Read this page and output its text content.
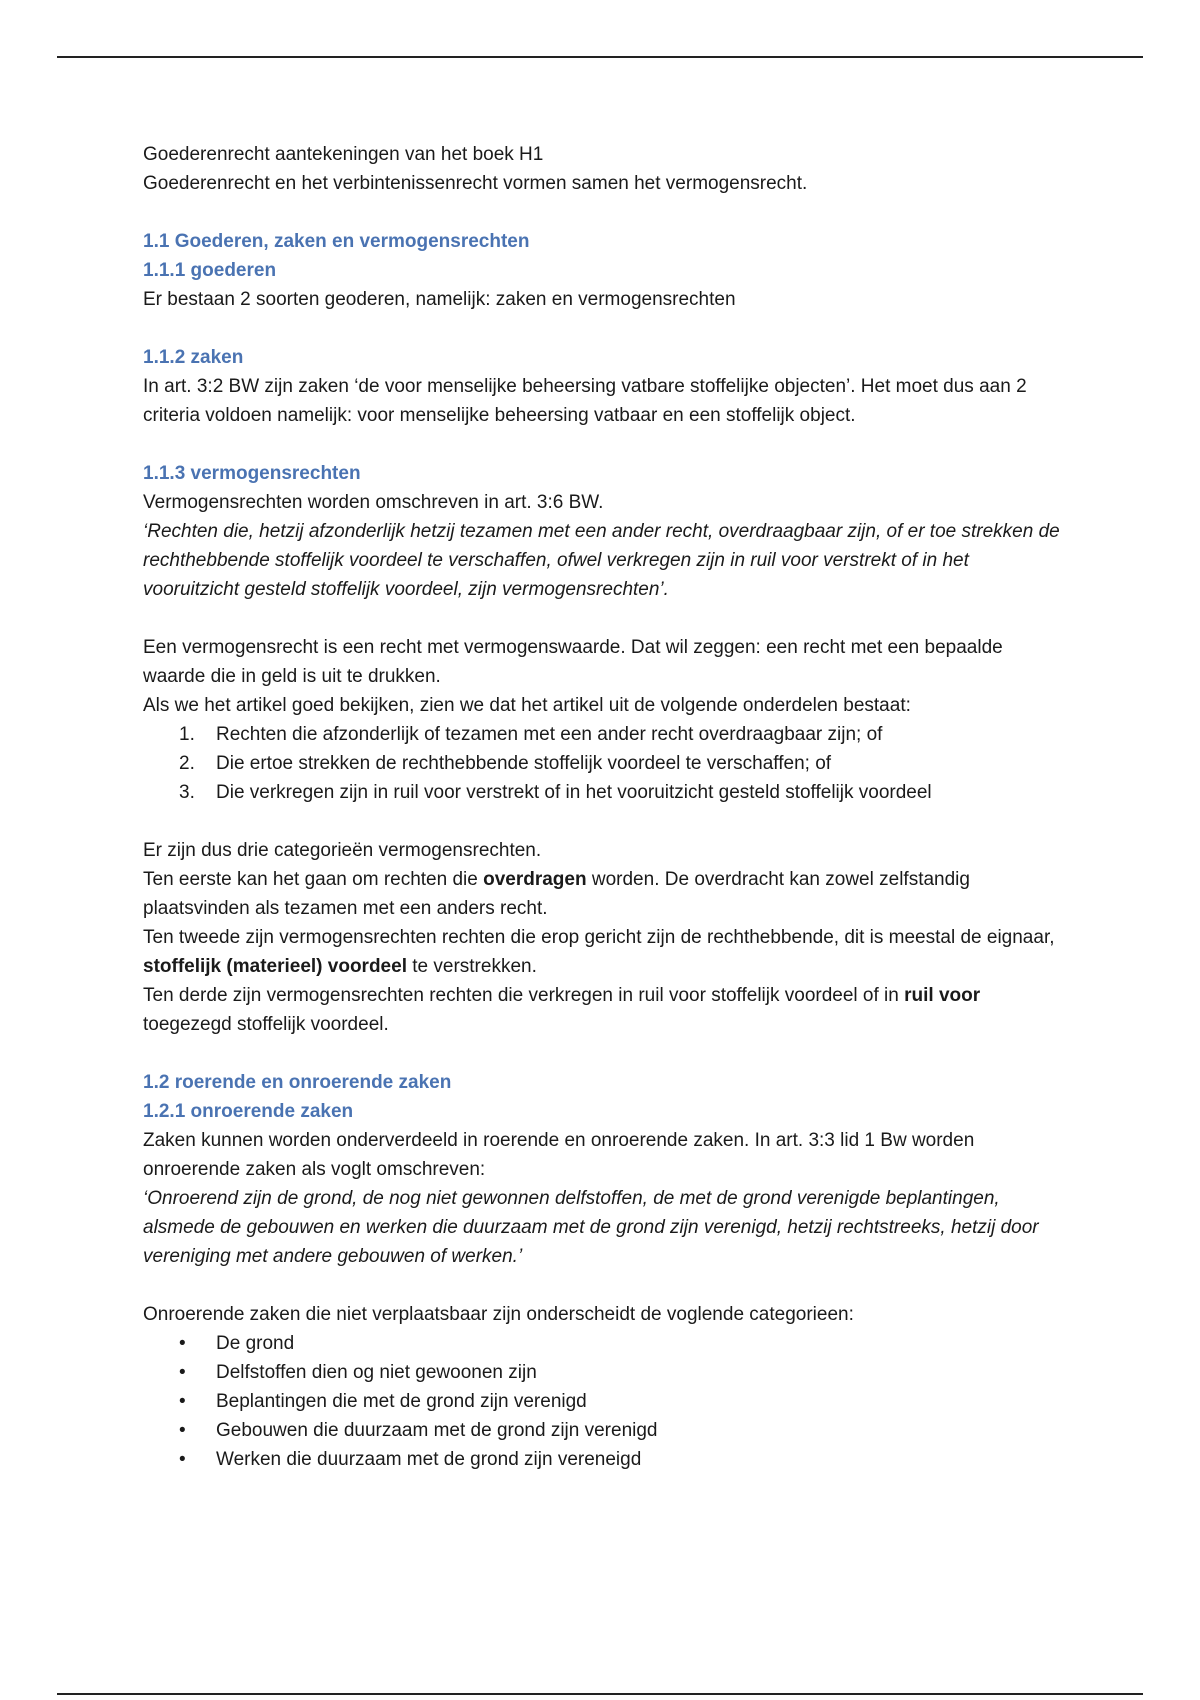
Goederenrecht aantekeningen van het boek H1

Goederenrecht en het verbintenissenrecht vormen samen het vermogensrecht.

1.1 Goederen, zaken en vermogensrechten

1.1.1 goederen

Er bestaan 2 soorten geoderen, namelijk: zaken en vermogensrechten

1.1.2 zaken

In art. 3:2 BW zijn zaken ‘de voor menselijke beheersing vatbare stoffelijke objecten’. Het moet dus aan 2 criteria voldoen namelijk: voor menselijke beheersing vatbaar en een stoffelijk object.

1.1.3 vermogensrechten

Vermogensrechten worden omschreven in art. 3:6 BW.

‘Rechten die, hetzij afzonderlijk hetzij tezamen met een ander recht, overdraagbaar zijn, of er toe strekken de rechthebbende stoffelijk voordeel te verschaffen, ofwel verkregen zijn in ruil voor verstrekt of in het vooruitzicht gesteld stoffelijk voordeel, zijn vermogensrechten’.

Een vermogensrecht is een recht met vermogenswaarde. Dat wil zeggen: een recht met een bepaalde waarde die in geld is uit te drukken.

Als we het artikel goed bekijken, zien we dat het artikel uit de volgende onderdelen bestaat:

1. Rechten die afzonderlijk of tezamen met een ander recht overdraagbaar zijn; of
2. Die ertoe strekken de rechthebbende stoffelijk voordeel te verschaffen; of
3. Die verkregen zijn in ruil voor verstrekt of in het vooruitzicht gesteld stoffelijk voordeel

Er zijn dus drie categorieën vermogensrechten.

Ten eerste kan het gaan om rechten die overdragen worden. De overdracht kan zowel zelfstandig plaatsvinden als tezamen met een anders recht.

Ten tweede zijn vermogensrechten rechten die erop gericht zijn de rechthebbende, dit is meestal de eignaar, stoffelijk (materieel) voordeel te verstrekken.

Ten derde zijn vermogensrechten rechten die verkregen in ruil voor stoffelijk voordeel of in ruil voor toegezegd stoffelijk voordeel.

1.2 roerende en onroerende zaken

1.2.1 onroerende zaken

Zaken kunnen worden onderverdeeld in roerende en onroerende zaken. In art. 3:3 lid 1 Bw worden onroerende zaken als voglt omschreven:

‘Onroerend zijn de grond, de nog niet gewonnen delfstoffen, de met de grond verenigde beplantingen, alsmede de gebouwen en werken die duurzaam met de grond zijn verenigd, hetzij rechtstreeks, hetzij door vereniging met andere gebouwen of werken.’

Onroerende zaken die niet verplaatsbaar zijn onderscheidt de voglende categorieen:

• De grond
• Delfstoffen dien og niet gewoonen zijn
• Beplantingen die met de grond zijn verenigd
• Gebouwen die duurzaam met de grond zijn verenigd
• Werken die duurzaam met de grond zijn vereneigd
